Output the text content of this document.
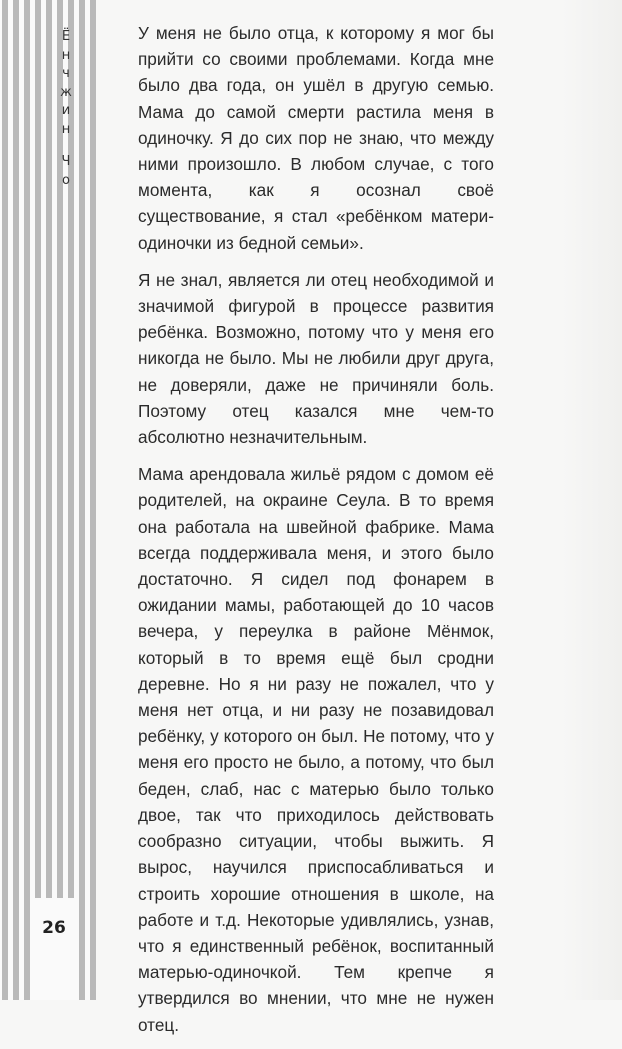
Ё
н
ч
ж
и
н
Ч
о
26

У меня не было отца, к которому я мог бы прийти со своими проблемами. Когда мне было два года, он ушёл в другую семью. Мама до самой смерти растила меня в одиночку. Я до сих пор не знаю, что между ними произошло. В любом случае, с того момента, как я осознал своё существование, я стал «ребёнком матери-одиночки из бедной семьи».

Я не знал, является ли отец необходимой и значимой фигурой в процессе развития ребёнка. Возможно, потому что у меня его никогда не было. Мы не любили друг друга, не доверяли, даже не причиняли боль. Поэтому отец казался мне чем-то абсолютно незначительным.

Мама арендовала жильё рядом с домом её родителей, на окраине Сеула. В то время она работала на швейной фабрике. Мама всегда поддерживала меня, и этого было достаточно. Я сидел под фонарем в ожидании мамы, работающей до 10 часов вечера, у переулка в районе Мёнмок, который в то время ещё был сродни деревне. Но я ни разу не пожалел, что у меня нет отца, и ни разу не позавидовал ребёнку, у которого он был. Не потому, что у меня его просто не было, а потому, что был беден, слаб, нас с матерью было только двое, так что приходилось действовать сообразно ситуации, чтобы выжить. Я вырос, научился приспосабливаться и строить хорошие отношения в школе, на работе и т.д. Некоторые удивлялись, узнав, что я единственный ребёнок, воспитанный матерью-одиночкой. Тем крепче я утвердился во мнении, что мне не нужен отец.
